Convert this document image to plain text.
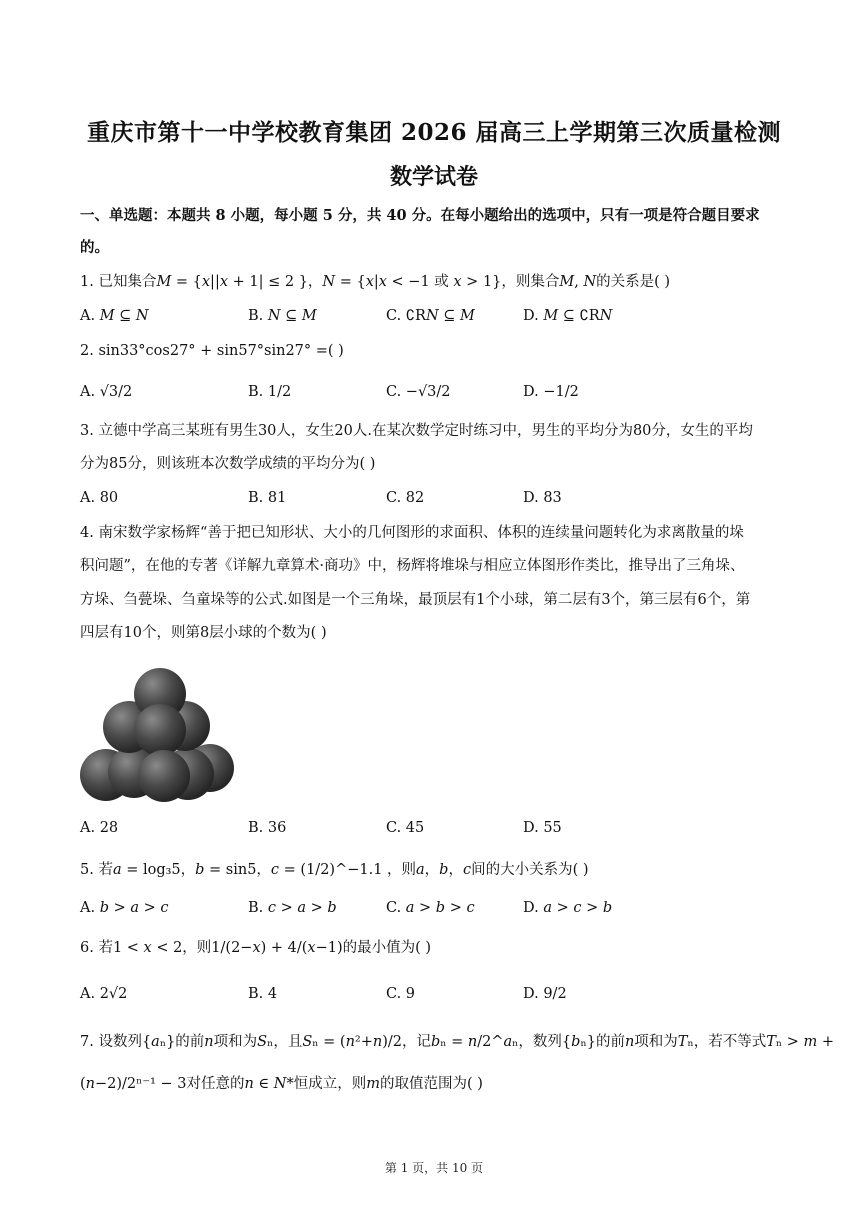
重庆市第十一中学校教育集团 2026 届高三上学期第三次质量检测
数学试卷
一、单选题：本题共 8 小题，每小题 5 分，共 40 分。在每小题给出的选项中，只有一项是符合题目要求
的。
1. 已知集合𝑀 = {𝑥||𝑥 + 1| ≤ 2 }，𝑁 = {𝑥|𝑥 < −1 或 𝑥 > 1}，则集合𝑀, 𝑁的关系是( )
A. 𝑀 ⊆ 𝑁	B. 𝑁 ⊆ 𝑀	C. ∁R𝑁 ⊆ 𝑀	D. 𝑀 ⊆ ∁R𝑁
2. sin33°cos27° + sin57°sin27° =( )
A. √3/2	B. 1/2	C. −√3/2	D. −1/2
3. 立德中学高三某班有男生30人，女生20人.在某次数学定时练习中，男生的平均分为80分，女生的平均
分为85分，则该班本次数学成绩的平均分为( )
A. 80	B. 81	C. 82	D. 83
4. 南宋数学家杨辉“善于把已知形状、大小的几何图形的求面积、体积的连续量问题转化为求离散量的垛
积问题”，在他的专著《详解九章算术·商功》中，杨辉将堆垛与相应立体图形作类比，推导出了三角垛、
方垛、刍甍垛、刍童垛等的公式.如图是一个三角垛，最顶层有1个小球，第二层有3个，第三层有6个，第
四层有10个，则第8层小球的个数为( )
A. 28	B. 36	C. 45	D. 55
5. 若𝑎 = log₃5，𝑏 = sin5，𝑐 = (1/2)^−1.1 ，则𝑎，𝑏，𝑐间的大小关系为( )
A. 𝑏 > 𝑎 > 𝑐	B. 𝑐 > 𝑎 > 𝑏	C. 𝑎 > 𝑏 > 𝑐	D. 𝑎 > 𝑐 > 𝑏
6. 若1 < 𝑥 < 2，则1/(2−𝑥) + 4/(𝑥−1)的最小值为( )
A. 2√2	B. 4	C. 9	D. 9/2
7. 设数列{𝑎ₙ}的前𝑛项和为𝑆ₙ，且𝑆ₙ = (𝑛²+𝑛)/2，记𝑏ₙ = 𝑛/2^𝑎ₙ，数列{𝑏ₙ}的前𝑛项和为𝑇ₙ，若不等式𝑇ₙ > 𝑚 +
(𝑛−2)/2ⁿ⁻¹ − 3对任意的𝑛 ∈ 𝑁*恒成立，则𝑚的取值范围为( )
第 1 页，共 10 页
